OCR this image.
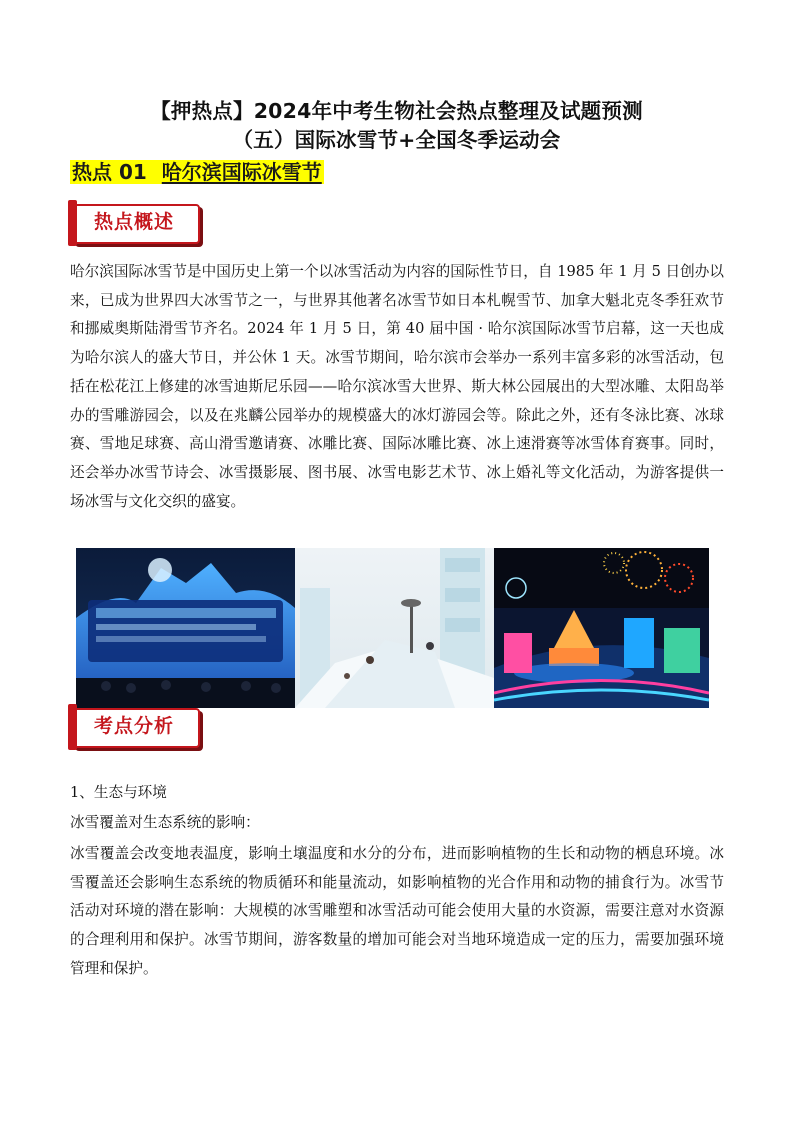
【押热点】2024年中考生物社会热点整理及试题预测
（五）国际冰雪节+全国冬季运动会
热点 01 哈尔滨国际冰雪节
热点概述
哈尔滨国际冰雪节是中国历史上第一个以冰雪活动为内容的国际性节日，自 1985 年 1 月 5 日创办以来，已成为世界四大冰雪节之一，与世界其他著名冰雪节如日本札幌雪节、加拿大魁北克冬季狂欢节和挪威奥斯陆滑雪节齐名。2024 年 1 月 5 日，第 40 届中国 · 哈尔滨国际冰雪节启幕，这一天也成为哈尔滨人的盛大节日，并公休 1 天。冰雪节期间，哈尔滨市会举办一系列丰富多彩的冰雪活动，包括在松花江上修建的冰雪迪斯尼乐园——哈尔滨冰雪大世界、斯大林公园展出的大型冰雕、太阳岛举办的雪雕游园会，以及在兆麟公园举办的规模盛大的冰灯游园会等。除此之外，还有冬泳比赛、冰球赛、雪地足球赛、高山滑雪邀请赛、冰雕比赛、国际冰雕比赛、冰上速滑赛等冰雪体育赛事。同时，还会举办冰雪节诗会、冰雪摄影展、图书展、冰雪电影艺术节、冰上婚礼等文化活动，为游客提供一场冰雪与文化交织的盛宴。
考点分析
1、生态与环境
冰雪覆盖对生态系统的影响：
冰雪覆盖会改变地表温度，影响土壤温度和水分的分布，进而影响植物的生长和动物的栖息环境。冰雪覆盖还会影响生态系统的物质循环和能量流动，如影响植物的光合作用和动物的捕食行为。冰雪节活动对环境的潜在影响：大规模的冰雪雕塑和冰雪活动可能会使用大量的水资源，需要注意对水资源的合理利用和保护。冰雪节期间，游客数量的增加可能会对当地环境造成一定的压力，需要加强环境管理和保护。
